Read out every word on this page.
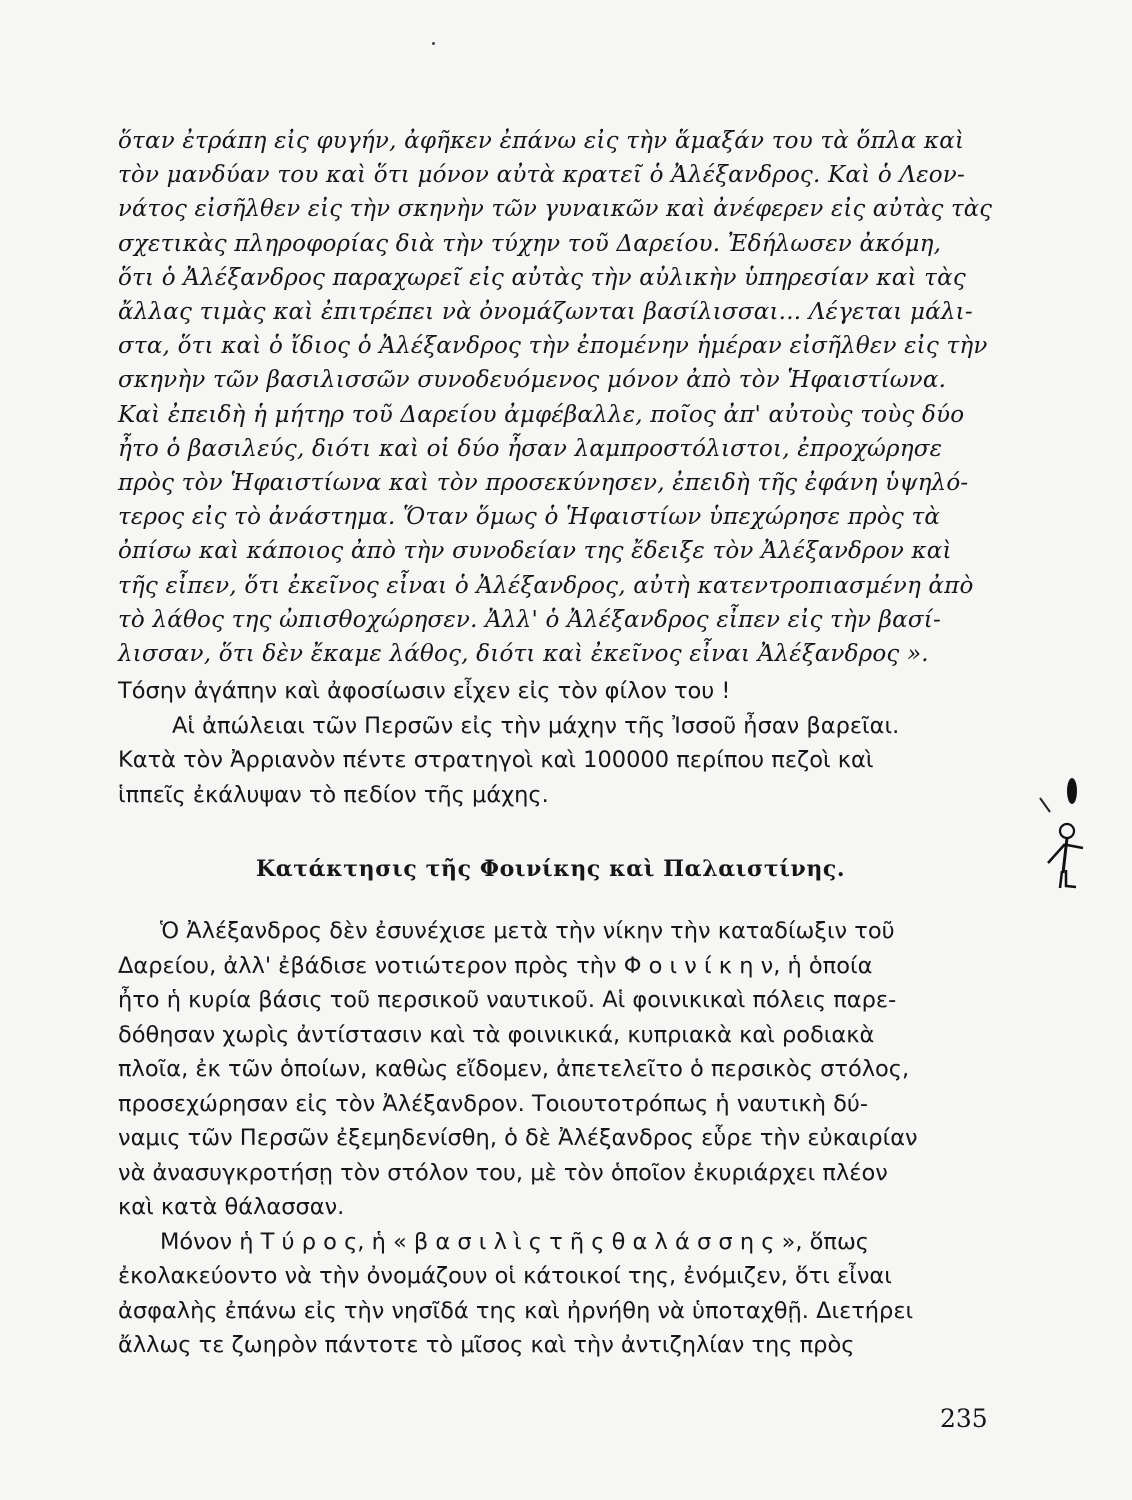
ὅταν ἐτράπη εἰς φυγήν, ἀφῆκεν ἐπάνω εἰς τὴν ἅμαξάν του τὰ ὅπλα καὶ
τὸν μανδύαν του καὶ ὅτι μόνον αὐτὰ κρατεῖ ὁ Ἀλέξανδρος. Καὶ ὁ Λεον-
νάτος εἰσῆλθεν εἰς τὴν σκηνὴν τῶν γυναικῶν καὶ ἀνέφερεν εἰς αὐτὰς τὰς
σχετικὰς πληροφορίας διὰ τὴν τύχην τοῦ Δαρείου. Ἐδήλωσεν ἀκόμη,
ὅτι ὁ Ἀλέξανδρος παραχωρεῖ εἰς αὐτὰς τὴν αὐλικὴν ὑπηρεσίαν καὶ τὰς
ἄλλας τιμὰς καὶ ἐπιτρέπει νὰ ὀνομάζωνται βασίλισσαι... Λέγεται μάλι-
στα, ὅτι καὶ ὁ ἴδιος ὁ Ἀλέξανδρος τὴν ἐπομένην ἡμέραν εἰσῆλθεν εἰς τὴν
σκηνὴν τῶν βασιλισσῶν συνοδευόμενος μόνον ἀπὸ τὸν Ἡφαιστίωνα.
Καὶ ἐπειδὴ ἡ μήτηρ τοῦ Δαρείου ἀμφέβαλλε, ποῖος ἀπ' αὐτοὺς τοὺς δύο
ἦτο ὁ βασιλεύς, διότι καὶ οἱ δύο ἦσαν λαμπροστόλιστοι, ἐπροχώρησε
πρὸς τὸν Ἡφαιστίωνα καὶ τὸν προσεκύνησεν, ἐπειδὴ τῆς ἐφάνη ὑψηλό-
τερος εἰς τὸ ἀνάστημα. Ὅταν ὅμως ὁ Ἡφαιστίων ὑπεχώρησε πρὸς τὰ
ὀπίσω καὶ κάποιος ἀπὸ τὴν συνοδείαν της ἔδειξε τὸν Ἀλέξανδρον καὶ
τῆς εἶπεν, ὅτι ἐκεῖνος εἶναι ὁ Ἀλέξανδρος, αὐτὴ κατεντροπιασμένη ἀπὸ
τὸ λάθος της ὠπισθοχώρησεν. Ἀλλ' ὁ Ἀλέξανδρος εἶπεν εἰς τὴν βασί-
λισσαν, ὅτι δὲν ἔκαμε λάθος, διότι καὶ ἐκεῖνος εἶναι Ἀλέξανδρος ».
Τόσην ἀγάπην καὶ ἀφοσίωσιν εἶχεν εἰς τὸν φίλον του !
Αἱ ἀπώλειαι τῶν Περσῶν εἰς τὴν μάχην τῆς Ἰσσοῦ ἦσαν βαρεῖαι.
Κατὰ τὸν Ἀρριανὸν πέντε στρατηγοὶ καὶ 100000 περίπου πεζοὶ καὶ
ἱππεῖς ἐκάλυψαν τὸ πεδίον τῆς μάχης.
Κατάκτησις τῆς Φοινίκης καὶ Παλαιστίνης.
Ὁ Ἀλέξανδρος δὲν ἐσυνέχισε μετὰ τὴν νίκην τὴν καταδίωξιν τοῦ
Δαρείου, ἀλλ' ἐβάδισε νοτιώτερον πρὸς τὴν Φ ο ι ν ί κ η ν, ἡ ὁποία
ἦτο ἡ κυρία βάσις τοῦ περσικοῦ ναυτικοῦ. Αἱ φοινικικαὶ πόλεις παρε-
δόθησαν χωρὶς ἀντίστασιν καὶ τὰ φοινικικά, κυπριακὰ καὶ ροδιακὰ
πλοῖα, ἐκ τῶν ὁποίων, καθὼς εἴδομεν, ἀπετελεῖτο ὁ περσικὸς στόλος,
προσεχώρησαν εἰς τὸν Ἀλέξανδρον. Τοιουτοτρόπως ἡ ναυτικὴ δύ-
ναμις τῶν Περσῶν ἐξεμηδενίσθη, ὁ δὲ Ἀλέξανδρος εὗρε τὴν εὐκαιρίαν
νὰ ἀνασυγκροτήσῃ τὸν στόλον του, μὲ τὸν ὁποῖον ἐκυριάρχει πλέον
καὶ κατὰ θάλασσαν.
Μόνον ἡ Τ ύ ρ ο ς, ἡ « β α σ ι λ ὶ ς τ ῆ ς θ α λ ά σ σ η ς », ὅπως
ἐκολακεύοντο νὰ τὴν ὀνομάζουν οἱ κάτοικοί της, ἐνόμιζεν, ὅτι εἶναι
ἀσφαλὴς ἐπάνω εἰς τὴν νησῖδά της καὶ ἠρνήθη νὰ ὑποταχθῇ. Διετήρει
ἄλλως τε ζωηρὸν πάντοτε τὸ μῖσος καὶ τὴν ἀντιζηλίαν της πρὸς
235
